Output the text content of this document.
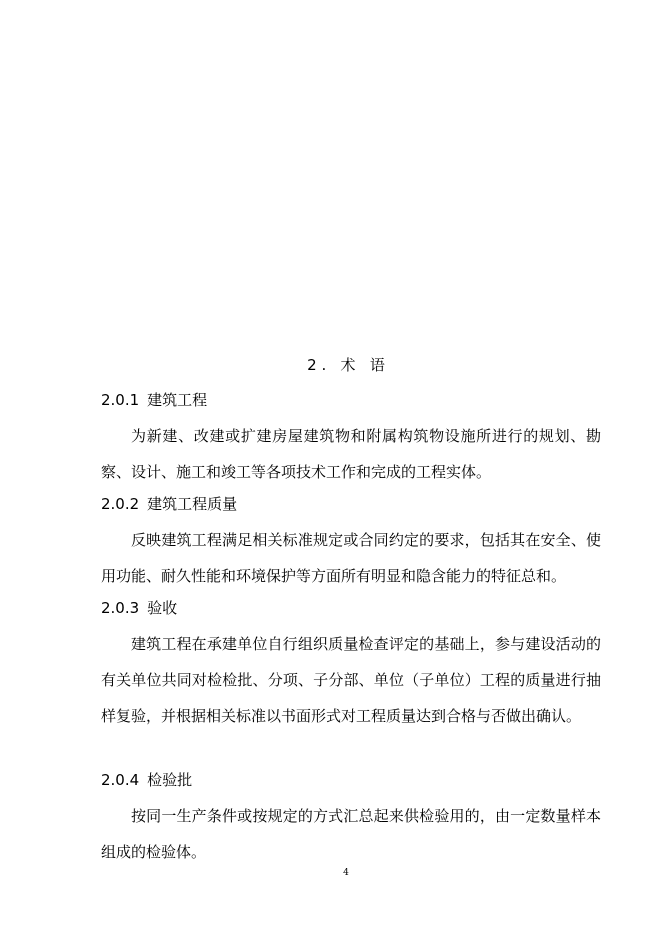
2 .   术   语
2.0.1 建筑工程
为新建、改建或扩建房屋建筑物和附属构筑物设施所进行的规划、勘察、设计、施工和竣工等各项技术工作和完成的工程实体。
2.0.2 建筑工程质量
反映建筑工程满足相关标准规定或合同约定的要求，包括其在安全、使用功能、耐久性能和环境保护等方面所有明显和隐含能力的特征总和。
2.0.3 验收
建筑工程在承建单位自行组织质量检查评定的基础上，参与建设活动的有关单位共同对检检批、分项、子分部、单位（子单位）工程的质量进行抽样复验，并根据相关标准以书面形式对工程质量达到合格与否做出确认。
2.0.4 检验批
按同一生产条件或按规定的方式汇总起来供检验用的，由一定数量样本组成的检验体。
4
